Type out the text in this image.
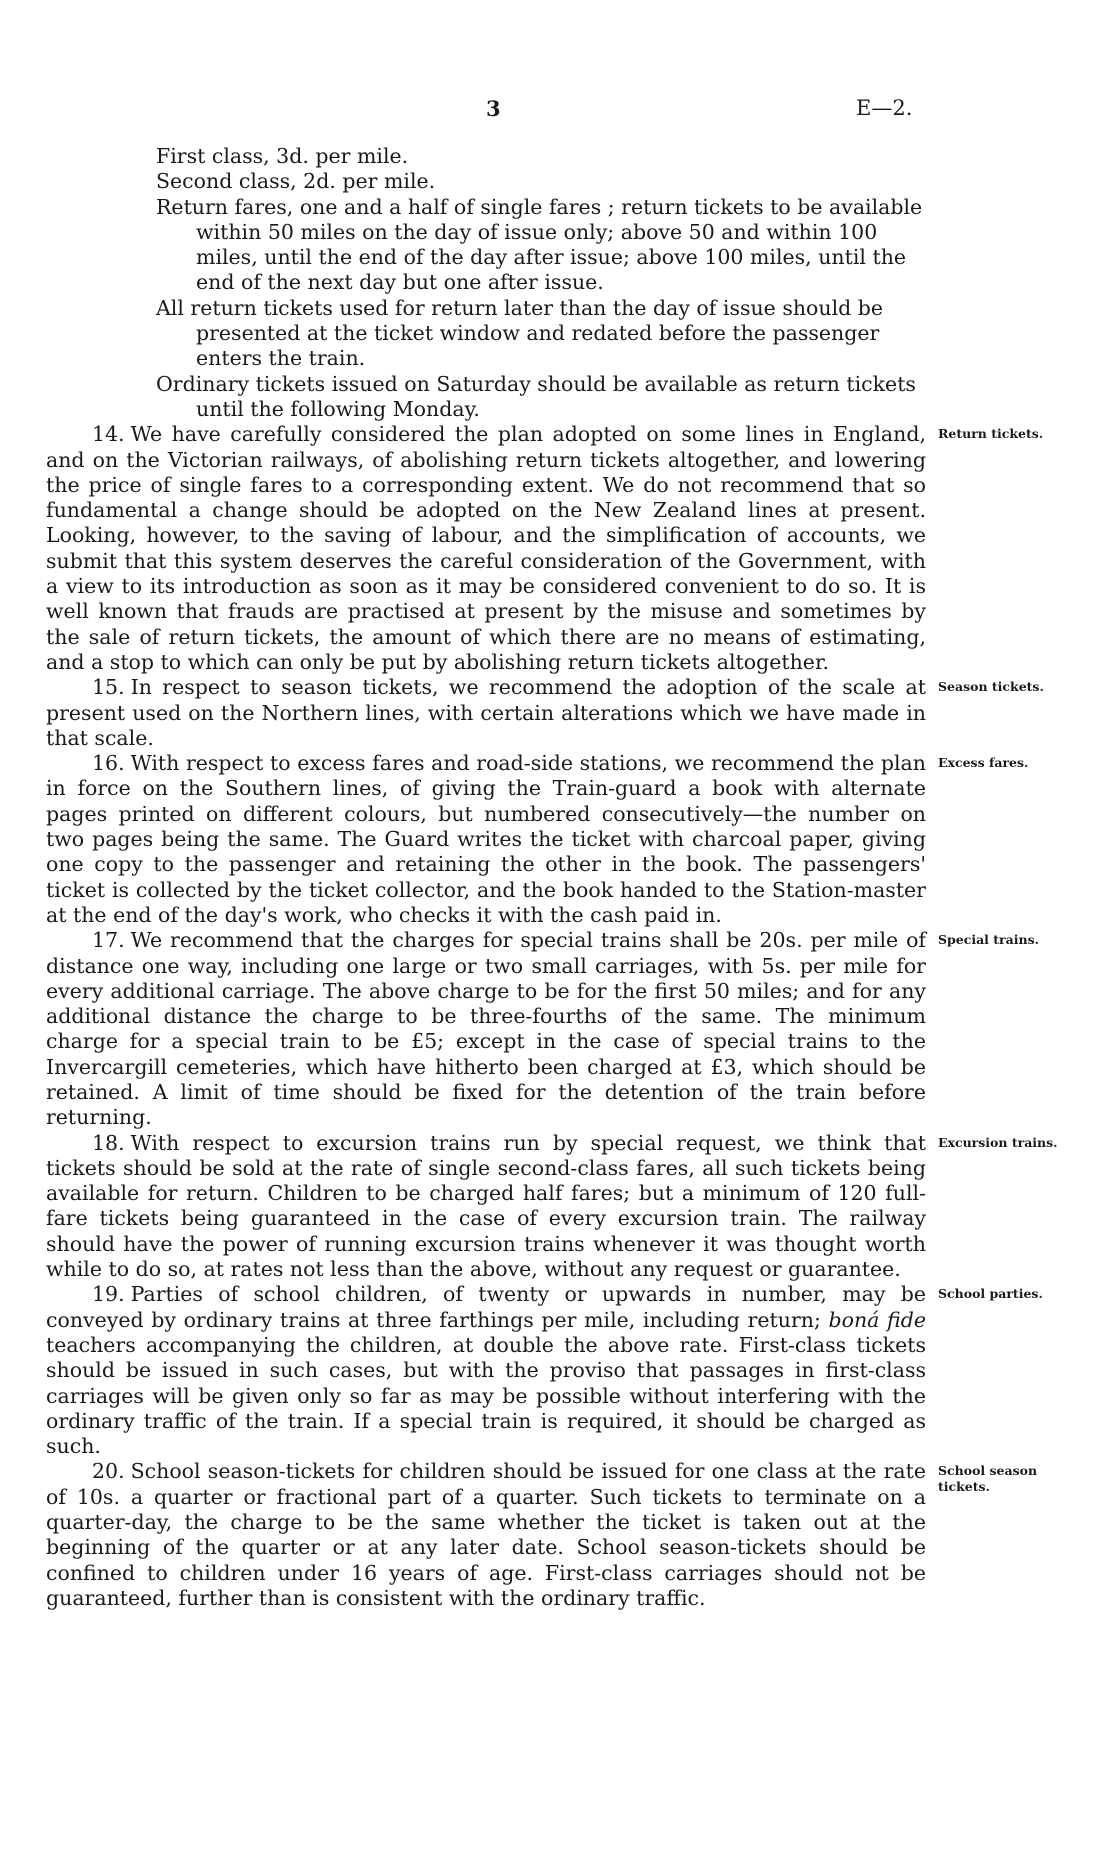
3	E—2.
First class, 3d. per mile.
Second class, 2d. per mile.
Return fares, one and a half of single fares ; return tickets to be available within 50 miles on the day of issue only; above 50 and within 100 miles, until the end of the day after issue; above 100 miles, until the end of the next day but one after issue.
All return tickets used for return later than the day of issue should be presented at the ticket window and redated before the passenger enters the train.
Ordinary tickets issued on Saturday should be available as return tickets until the following Monday.

14. We have carefully considered the plan adopted on some lines in England, and on the Victorian railways, of abolishing return tickets altogether, and lowering the price of single fares to a corresponding extent. We do not recommend that so fundamental a change should be adopted on the New Zealand lines at present. Looking, however, to the saving of labour, and the simplification of accounts, we submit that this system deserves the careful consideration of the Government, with a view to its introduction as soon as it may be considered convenient to do so. It is well known that frauds are practised at present by the misuse and sometimes by the sale of return tickets, the amount of which there are no means of estimating, and a stop to which can only be put by abolishing return tickets altogether.

Return tickets.

15. In respect to season tickets, we recommend the adoption of the scale at present used on the Northern lines, with certain alterations which we have made in that scale.

Season tickets.

16. With respect to excess fares and road-side stations, we recommend the plan in force on the Southern lines, of giving the Train-guard a book with alternate pages printed on different colours, but numbered consecutively—the number on two pages being the same. The Guard writes the ticket with charcoal paper, giving one copy to the passenger and retaining the other in the book. The passengers' ticket is collected by the ticket collector, and the book handed to the Station-master at the end of the day's work, who checks it with the cash paid in.

Excess fares.

17. We recommend that the charges for special trains shall be 20s. per mile of distance one way, including one large or two small carriages, with 5s. per mile for every additional carriage. The above charge to be for the first 50 miles; and for any additional distance the charge to be three-fourths of the same. The minimum charge for a special train to be £5; except in the case of special trains to the Invercargill cemeteries, which have hitherto been charged at £3, which should be retained. A limit of time should be fixed for the detention of the train before returning.

Special trains.

18. With respect to excursion trains run by special request, we think that tickets should be sold at the rate of single second-class fares, all such tickets being available for return. Children to be charged half fares; but a minimum of 120 full-fare tickets being guaranteed in the case of every excursion train. The railway should have the power of running excursion trains whenever it was thought worth while to do so, at rates not less than the above, without any request or guarantee.

Excursion trains.

19. Parties of school children, of twenty or upwards in number, may be conveyed by ordinary trains at three farthings per mile, including return; boná fide teachers accompanying the children, at double the above rate. First-class tickets should be issued in such cases, but with the proviso that passages in first-class carriages will be given only so far as may be possible without interfering with the ordinary traffic of the train. If a special train is required, it should be charged as such.

School parties.

20. School season-tickets for children should be issued for one class at the rate of 10s. a quarter or fractional part of a quarter. Such tickets to terminate on a quarter-day, the charge to be the same whether the ticket is taken out at the beginning of the quarter or at any later date. School season-tickets should be confined to children under 16 years of age. First-class carriages should not be guaranteed, further than is consistent with the ordinary traffic.

School season
tickets.
